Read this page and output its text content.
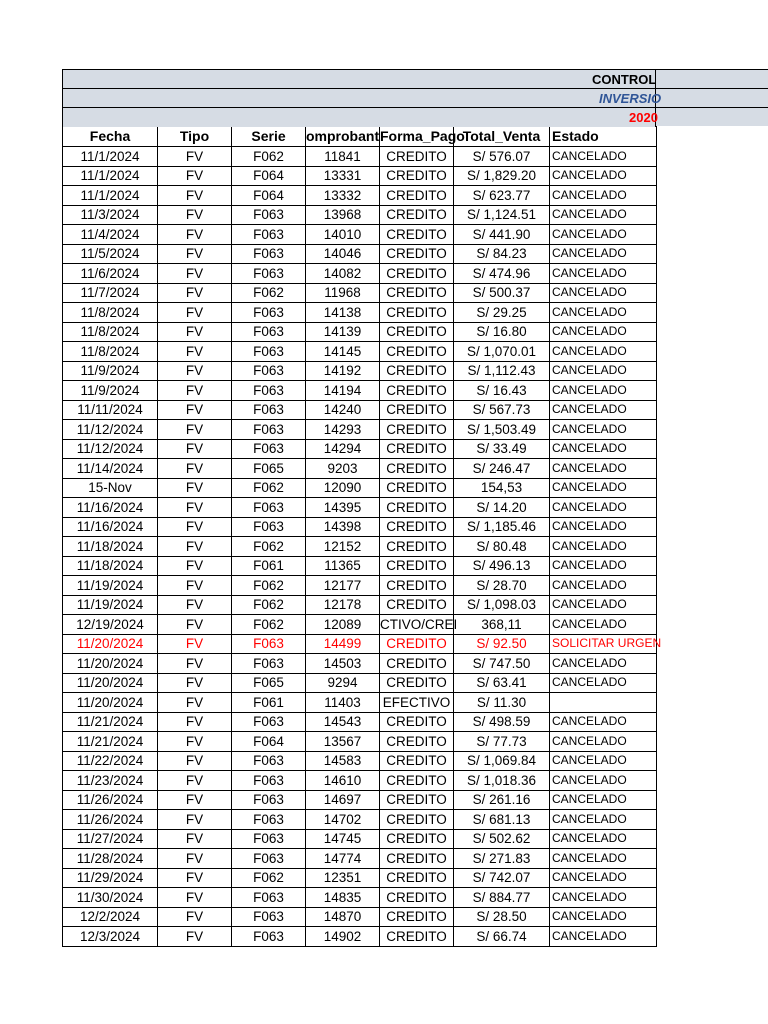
CONTROL
INVERSIO
2020
Fecha	Tipo	Serie	omprobant	Forma_Pago	Total_Venta	Estado
11/1/2024	FV	F062	11841	CREDITO	S/ 576.07	CANCELADO
11/1/2024	FV	F064	13331	CREDITO	S/ 1,829.20	CANCELADO
11/1/2024	FV	F064	13332	CREDITO	S/ 623.77	CANCELADO
11/3/2024	FV	F063	13968	CREDITO	S/ 1,124.51	CANCELADO
11/4/2024	FV	F063	14010	CREDITO	S/ 441.90	CANCELADO
11/5/2024	FV	F063	14046	CREDITO	S/ 84.23	CANCELADO
11/6/2024	FV	F063	14082	CREDITO	S/ 474.96	CANCELADO
11/7/2024	FV	F062	11968	CREDITO	S/ 500.37	CANCELADO
11/8/2024	FV	F063	14138	CREDITO	S/ 29.25	CANCELADO
11/8/2024	FV	F063	14139	CREDITO	S/ 16.80	CANCELADO
11/8/2024	FV	F063	14145	CREDITO	S/ 1,070.01	CANCELADO
11/9/2024	FV	F063	14192	CREDITO	S/ 1,112.43	CANCELADO
11/9/2024	FV	F063	14194	CREDITO	S/ 16.43	CANCELADO
11/11/2024	FV	F063	14240	CREDITO	S/ 567.73	CANCELADO
11/12/2024	FV	F063	14293	CREDITO	S/ 1,503.49	CANCELADO
11/12/2024	FV	F063	14294	CREDITO	S/ 33.49	CANCELADO
11/14/2024	FV	F065	9203	CREDITO	S/ 246.47	CANCELADO
15-Nov	FV	F062	12090	CREDITO	154,53	CANCELADO
11/16/2024	FV	F063	14395	CREDITO	S/ 14.20	CANCELADO
11/16/2024	FV	F063	14398	CREDITO	S/ 1,185.46	CANCELADO
11/18/2024	FV	F062	12152	CREDITO	S/ 80.48	CANCELADO
11/18/2024	FV	F061	11365	CREDITO	S/ 496.13	CANCELADO
11/19/2024	FV	F062	12177	CREDITO	S/ 28.70	CANCELADO
11/19/2024	FV	F062	12178	CREDITO	S/ 1,098.03	CANCELADO
12/19/2024	FV	F062	12089	CTIVO/CREI	368,11	CANCELADO
11/20/2024	FV	F063	14499	CREDITO	S/ 92.50	SOLICITAR URGEN
11/20/2024	FV	F063	14503	CREDITO	S/ 747.50	CANCELADO
11/20/2024	FV	F065	9294	CREDITO	S/ 63.41	CANCELADO
11/20/2024	FV	F061	11403	EFECTIVO	S/ 11.30	
11/21/2024	FV	F063	14543	CREDITO	S/ 498.59	CANCELADO
11/21/2024	FV	F064	13567	CREDITO	S/ 77.73	CANCELADO
11/22/2024	FV	F063	14583	CREDITO	S/ 1,069.84	CANCELADO
11/23/2024	FV	F063	14610	CREDITO	S/ 1,018.36	CANCELADO
11/26/2024	FV	F063	14697	CREDITO	S/ 261.16	CANCELADO
11/26/2024	FV	F063	14702	CREDITO	S/ 681.13	CANCELADO
11/27/2024	FV	F063	14745	CREDITO	S/ 502.62	CANCELADO
11/28/2024	FV	F063	14774	CREDITO	S/ 271.83	CANCELADO
11/29/2024	FV	F062	12351	CREDITO	S/ 742.07	CANCELADO
11/30/2024	FV	F063	14835	CREDITO	S/ 884.77	CANCELADO
12/2/2024	FV	F063	14870	CREDITO	S/ 28.50	CANCELADO
12/3/2024	FV	F063	14902	CREDITO	S/ 66.74	CANCELADO
